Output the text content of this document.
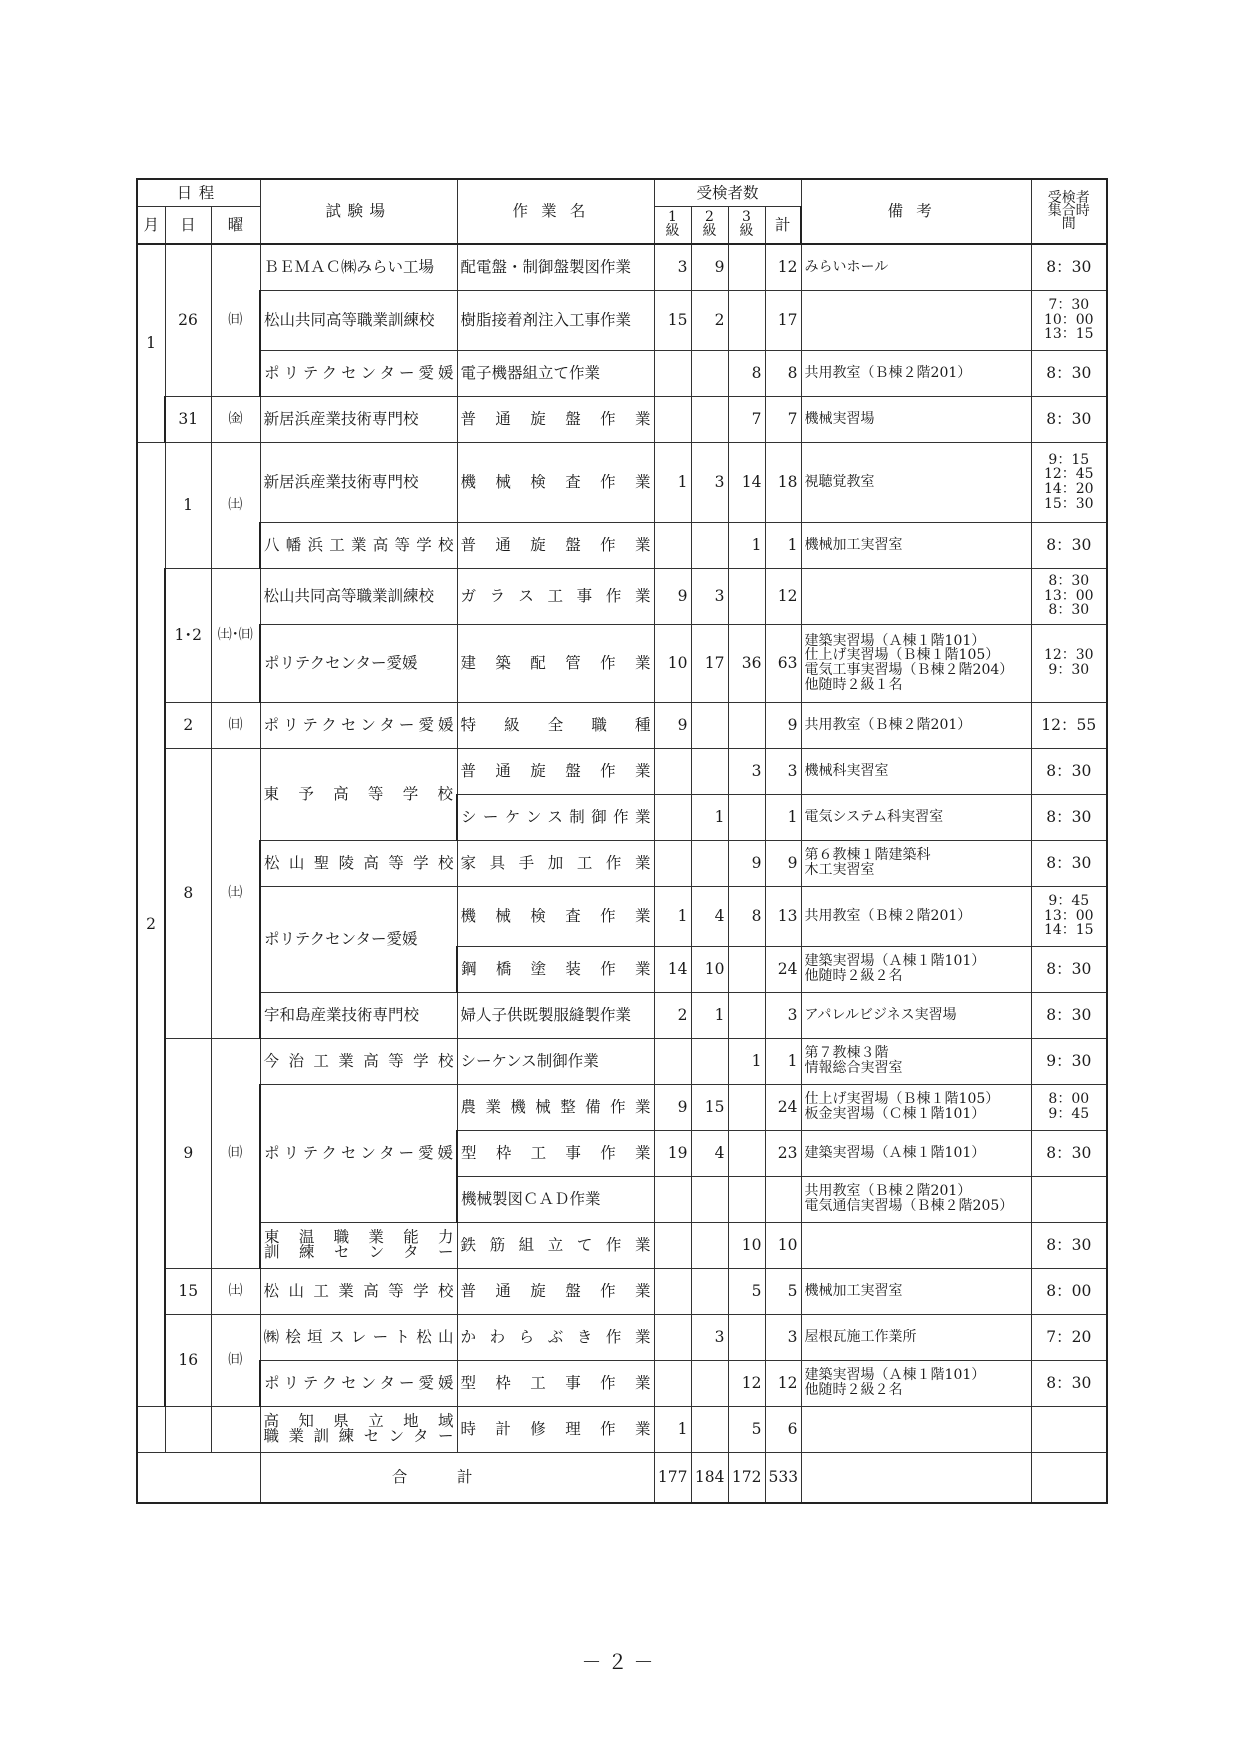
日程			試験場	作業名	受検者数				備考	受検者集合時間
月	日	曜			1級	2級	3級	計		
1	26	㈰	ＢＥＭＡＣ㈱みらい工場	配電盤・制御盤製図作業	3	9		12	みらいホール	8：30
			松山共同高等職業訓練校	樹脂接着剤注入工事作業	15	2		17		7：30
10：00
13：15
			ポリテクセンター愛媛	電子機器組立て作業			8	8	共用教室（Ｂ棟２階201）	8：30
	31	㈮	新居浜産業技術専門校	普通旋盤作業			7	7	機械実習場	8：30
2	1	㈯	新居浜産業技術専門校	機械検査作業	1	3	14	18	視聴覚教室	9：15
12：45
14：20
15：30
			八幡浜工業高等学校	普通旋盤作業			1	1	機械加工実習室	8：30
	1･2	㈯･㈰	松山共同高等職業訓練校	ガラス工事作業	9	3		12		8：30
13：00
8：30
			ポリテクセンター愛媛	建築配管作業	10	17	36	63	建築実習場（Ａ棟１階101）
仕上げ実習場（Ｂ棟１階105）
電気工事実習場（Ｂ棟２階204）
他随時２級１名	12：30
9：30
	2	㈰	ポリテクセンター愛媛	特級全職種	9			9	共用教室（Ｂ棟２階201）	12：55
	8	㈯	東予高等学校	普通旋盤作業			3	3	機械科実習室	8：30
				シーケンス制御作業		1		1	電気システム科実習室	8：30
			松山聖陵高等学校	家具手加工作業			9	9	第６教棟１階建築科
木工実習室	8：30
			ポリテクセンター愛媛	機械検査作業	1	4	8	13	共用教室（Ｂ棟２階201）	9：45
13：00
14：15
				鋼橋塗装作業	14	10		24	建築実習場（Ａ棟１階101）
他随時２級２名	8：30
			宇和島産業技術専門校	婦人子供既製服縫製作業	2	1		3	アパレルビジネス実習場	8：30
	9	㈰	今治工業高等学校	シーケンス制御作業			1	1	第７教棟３階
情報総合実習室	9：30
			ポリテクセンター愛媛	農業機械整備作業	9	15		24	仕上げ実習場（Ｂ棟１階105）
板金実習場（Ｃ棟１階101）	8：00
9：45
				型枠工事作業	19	4		23	建築実習場（Ａ棟１階101）	8：30
				機械製図ＣＡＤ作業					共用教室（Ｂ棟２階201）
電気通信実習場（Ｂ棟２階205）	
			東温職業能力
訓練センター	鉄筋組立て作業			10	10		8：30
	15	㈯	松山工業高等学校	普通旋盤作業			5	5	機械加工実習室	8：00
	16	㈰	㈱桧垣スレート松山	かわらぶき作業		3		3	屋根瓦施工作業所	7：20
			ポリテクセンター愛媛	型枠工事作業			12	12	建築実習場（Ａ棟１階101）
他随時２級２名	8：30
			高知県立地域
職業訓練センター	時計修理作業	1		5	6		
			合計		177	184	172	533		
－２－
